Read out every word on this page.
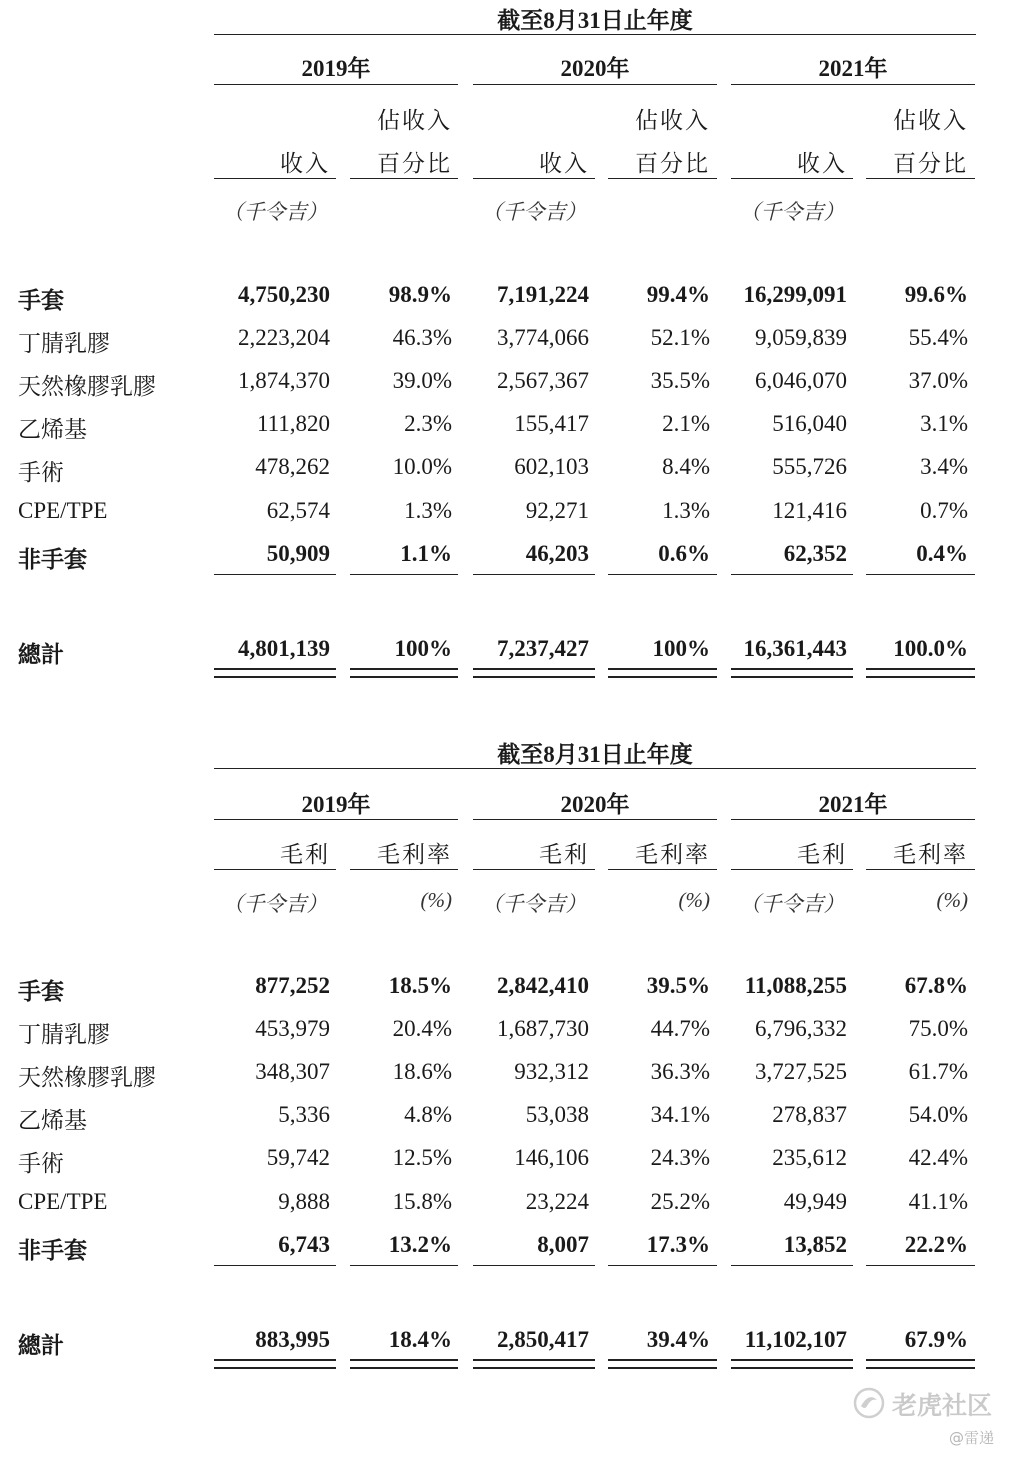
截至8月31日止年度
2019年	2020年	2021年
佔收入	佔收入	佔收入
收入	百分比	收入	百分比	收入	百分比
（千令吉）	（千令吉）	（千令吉）
手套	4,750,230	98.9%	7,191,224	99.4%	16,299,091	99.6%
丁腈乳膠	2,223,204	46.3%	3,774,066	52.1%	9,059,839	55.4%
天然橡膠乳膠	1,874,370	39.0%	2,567,367	35.5%	6,046,070	37.0%
乙烯基	111,820	2.3%	155,417	2.1%	516,040	3.1%
手術	478,262	10.0%	602,103	8.4%	555,726	3.4%
CPE/TPE	62,574	1.3%	92,271	1.3%	121,416	0.7%
非手套	50,909	1.1%	46,203	0.6%	62,352	0.4%
總計	4,801,139	100%	7,237,427	100%	16,361,443	100.0%
截至8月31日止年度
2019年	2020年	2021年
毛利	毛利率	毛利	毛利率	毛利	毛利率
（千令吉）	(%)	（千令吉）	(%)	（千令吉）	(%)
手套	877,252	18.5%	2,842,410	39.5%	11,088,255	67.8%
丁腈乳膠	453,979	20.4%	1,687,730	44.7%	6,796,332	75.0%
天然橡膠乳膠	348,307	18.6%	932,312	36.3%	3,727,525	61.7%
乙烯基	5,336	4.8%	53,038	34.1%	278,837	54.0%
手術	59,742	12.5%	146,106	24.3%	235,612	42.4%
CPE/TPE	9,888	15.8%	23,224	25.2%	49,949	41.1%
非手套	6,743	13.2%	8,007	17.3%	13,852	22.2%
總計	883,995	18.4%	2,850,417	39.4%	11,102,107	67.9%
老虎社区
@雷递
